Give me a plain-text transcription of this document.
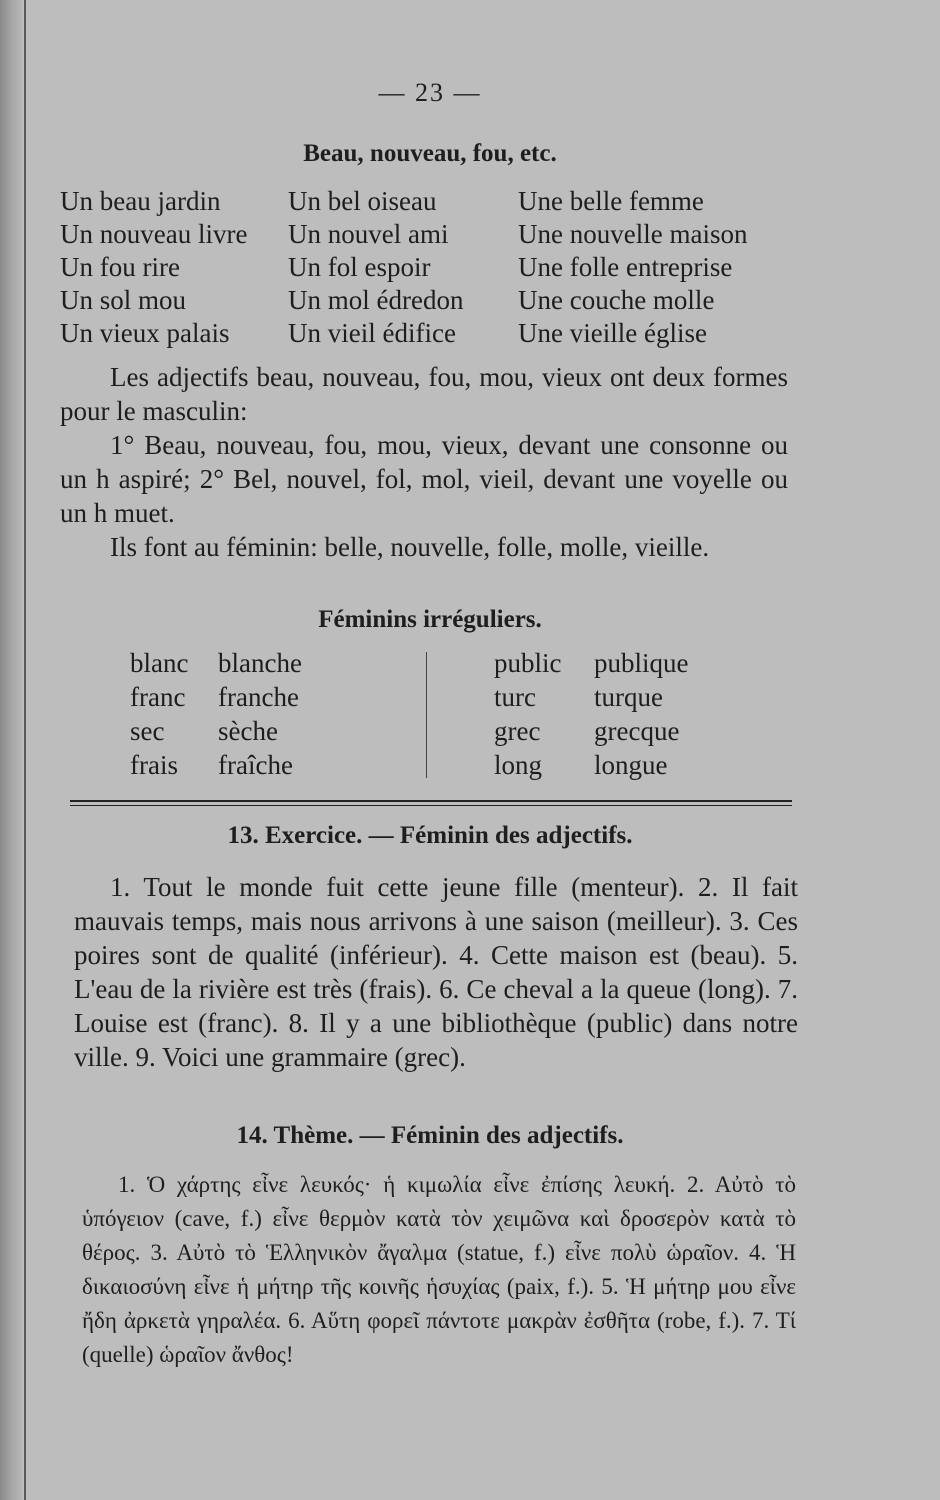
— 23 —
Beau, nouveau, fou, etc.
Un beau jardin	Un bel oiseau	Une belle femme
Un nouveau livre Un nouvel ami	Une nouvelle maison
Un fou rire	Un fol espoir	Une folle entreprise
Un sol mou	Un mol édredon Une couche molle
Un vieux palais Un vieil édifice Une vieille église

Les adjectifs beau, nouveau, fou, mou, vieux ont deux formes pour le masculin:

1° Beau, nouveau, fou, mou, vieux, devant une consonne ou un h aspiré; 2° Bel, nouvel, fol, mol, vieil, devant une voyelle ou un h muet.

Ils font au féminin: belle, nouvelle, folle, molle, vieille.

Féminins irréguliers.
blanc blanche	public publique
franc franche	turc turque
sec sèche	grec grecque
frais fraîche	long longue
13. Exercice. — Féminin des adjectifs.

1. Tout le monde fuit cette jeune fille (menteur). 2. Il fait mauvais temps, mais nous arrivons à une saison (meilleur). 3. Ces poires sont de qualité (inférieur). 4. Cette maison est (beau). 5. L'eau de la rivière est très (frais). 6. Ce cheval a la queue (long). 7. Louise est (franc). 8. Il y a une bibliothèque (public) dans notre ville. 9. Voici une grammaire (grec).

14. Thème. — Féminin des adjectifs.

1. Ὁ χάρτης εἶνε λευκός· ἡ κιμωλία εἶνε ἐπίσης λευκή. 2. Αὐτὸ τὸ ὑπόγειον (cave, f.) εἶνε θερμὸν κατὰ τὸν χειμῶνα καὶ δροσερὸν κατὰ τὸ θέρος. 3. Αὐτὸ τὸ Ἑλληνικὸν ἄγαλμα (statue, f.) εἶνε πολὺ ὡραῖον. 4. Ἡ δικαιοσύνη εἶνε ἡ μήτηρ τῆς κοινῆς ἡσυχίας (paix, f.). 5. Ἡ μήτηρ μου εἶνε ἤδη ἀρκετὰ γηραλέα. 6. Αὕτη φορεῖ πάντοτε μακρὰν ἐσθῆτα (robe, f.). 7. Τί (quelle) ὡραῖον ἄνθος!
